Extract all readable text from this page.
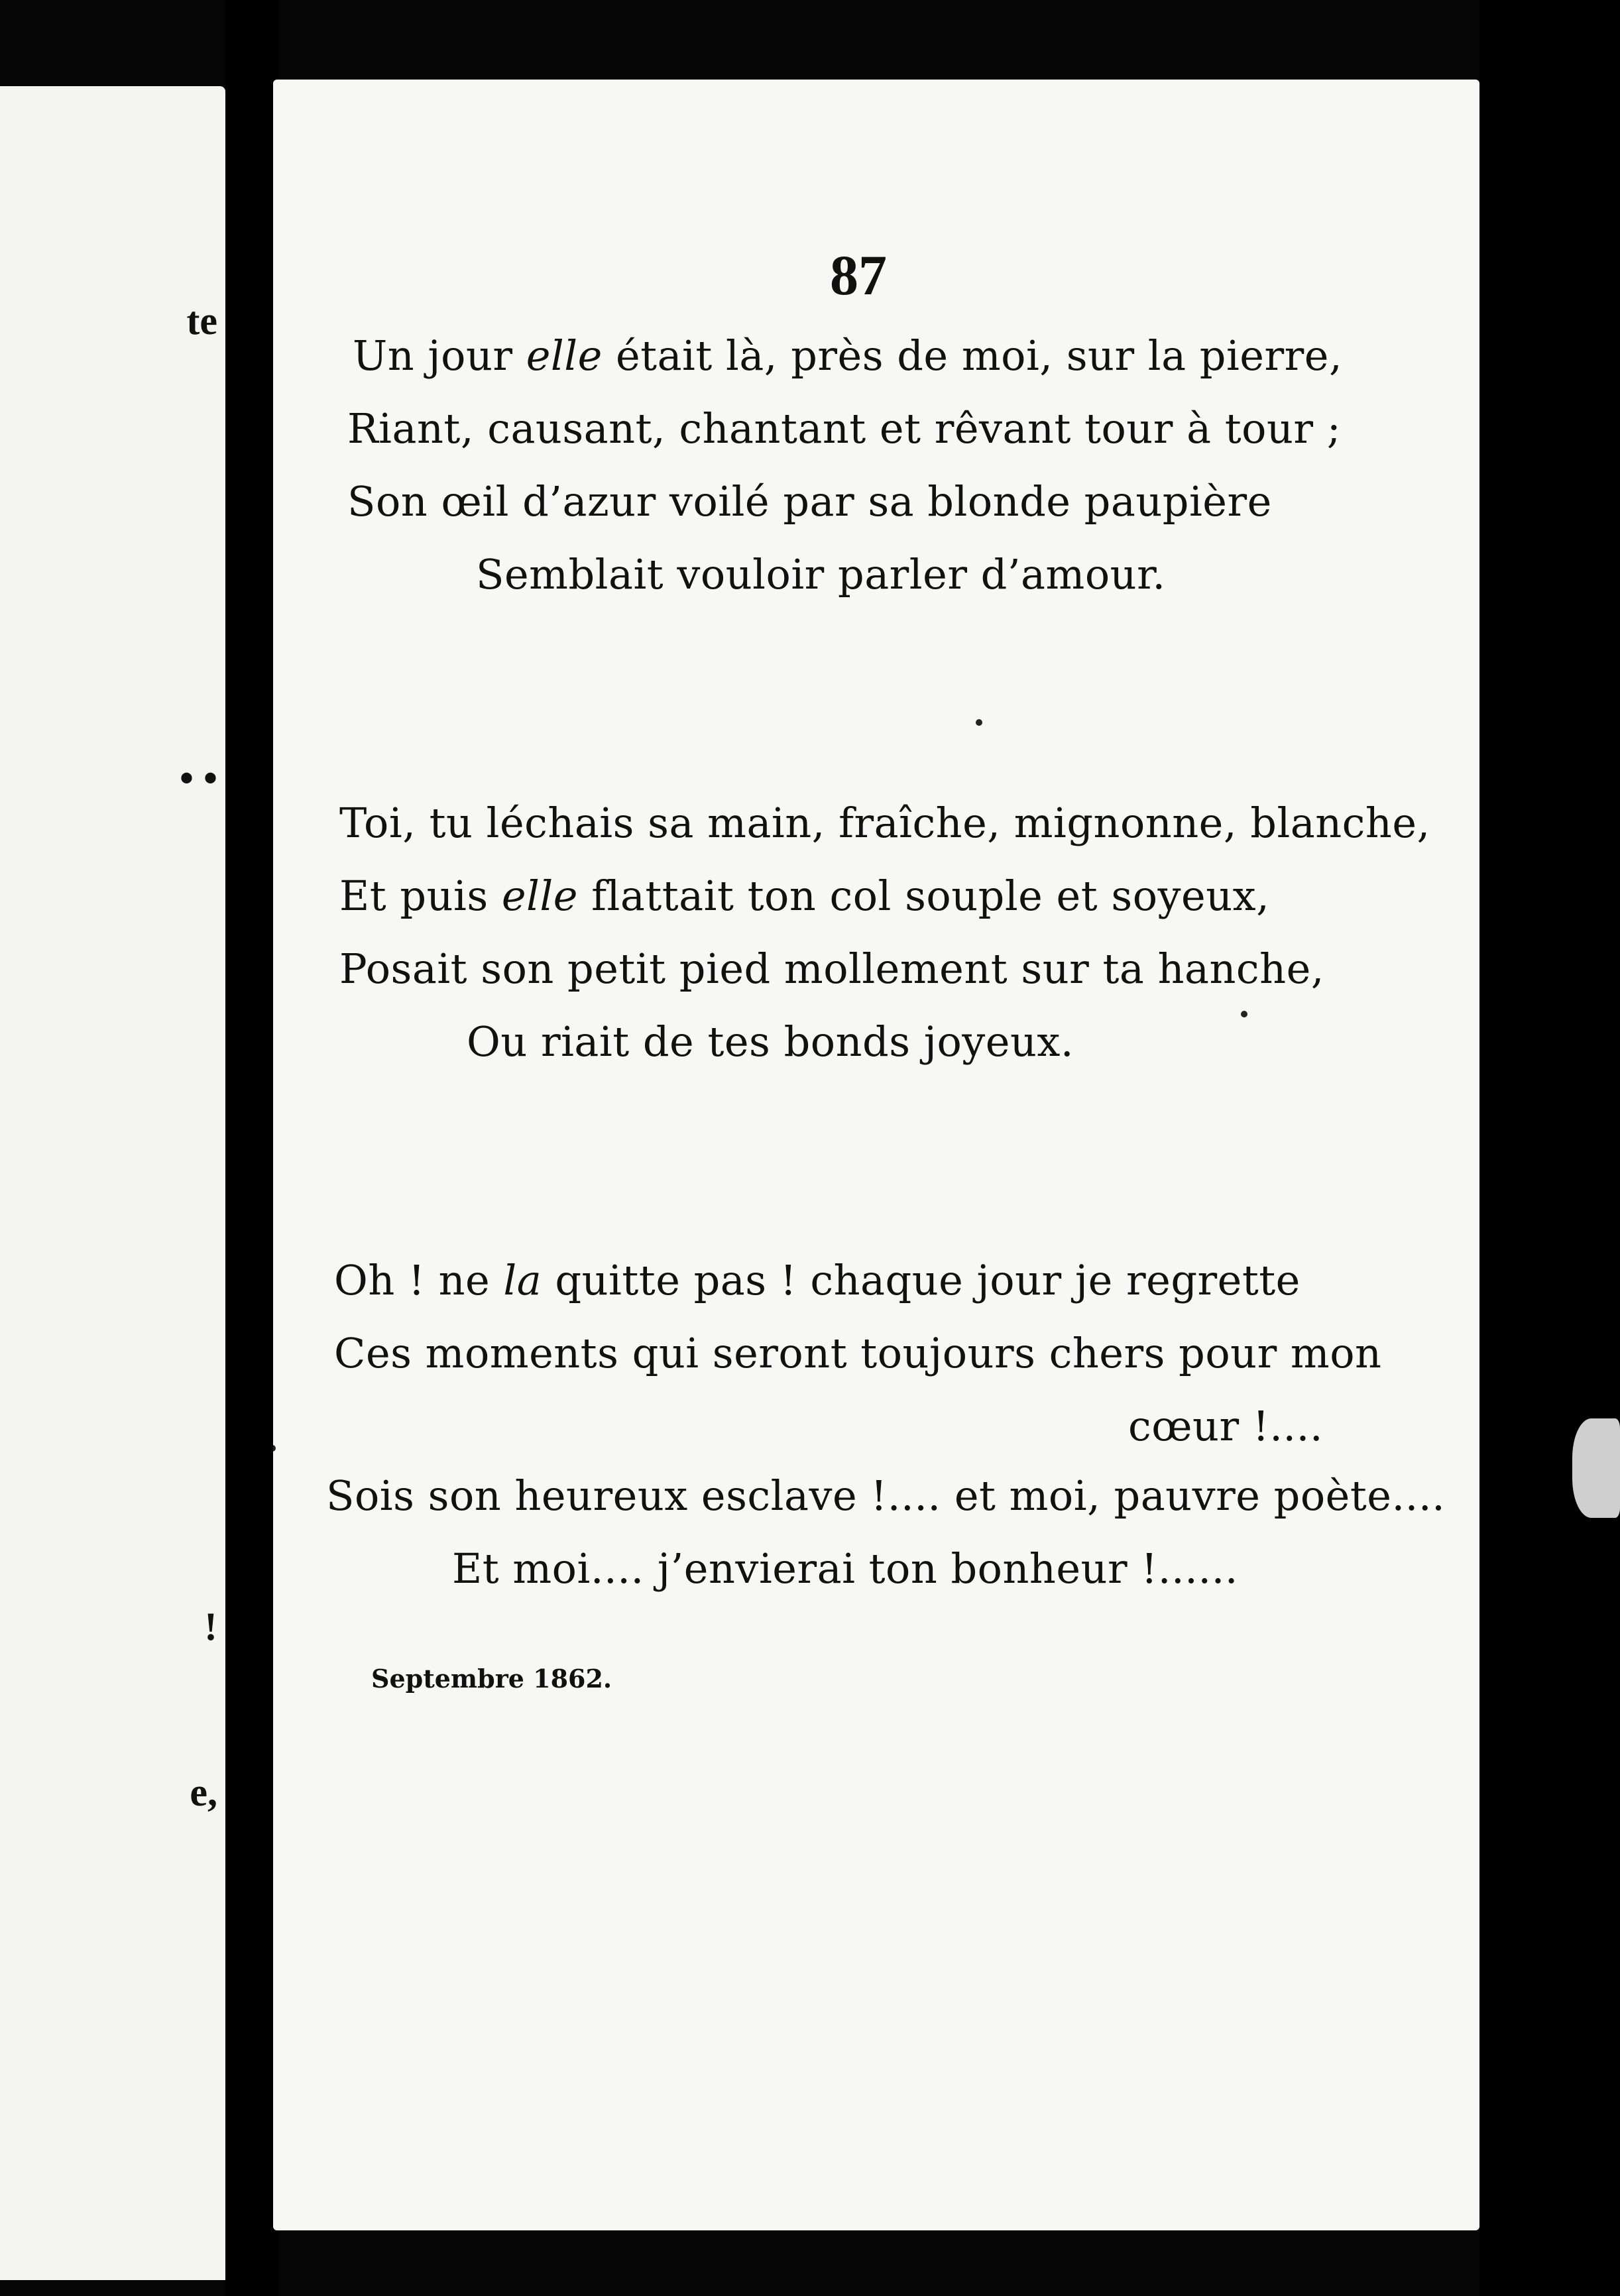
te
• •
!
e,
87
Un jour elle était là, près de moi, sur la pierre,
Riant, causant, chantant et rêvant tour à tour ;
Son œil d’azur voilé par sa blonde paupière
Semblait vouloir parler d’amour.
Toi, tu léchais sa main, fraîche, mignonne, blanche,
Et puis elle flattait ton col souple et soyeux,
Posait son petit pied mollement sur ta hanche,
Ou riait de tes bonds joyeux.
Oh ! ne la quitte pas ! chaque jour je regrette
Ces moments qui seront toujours chers pour mon
cœur !....
Sois son heureux esclave !.... et moi, pauvre poète....
Et moi.... j’envierai ton bonheur !......
Septembre 1862.
